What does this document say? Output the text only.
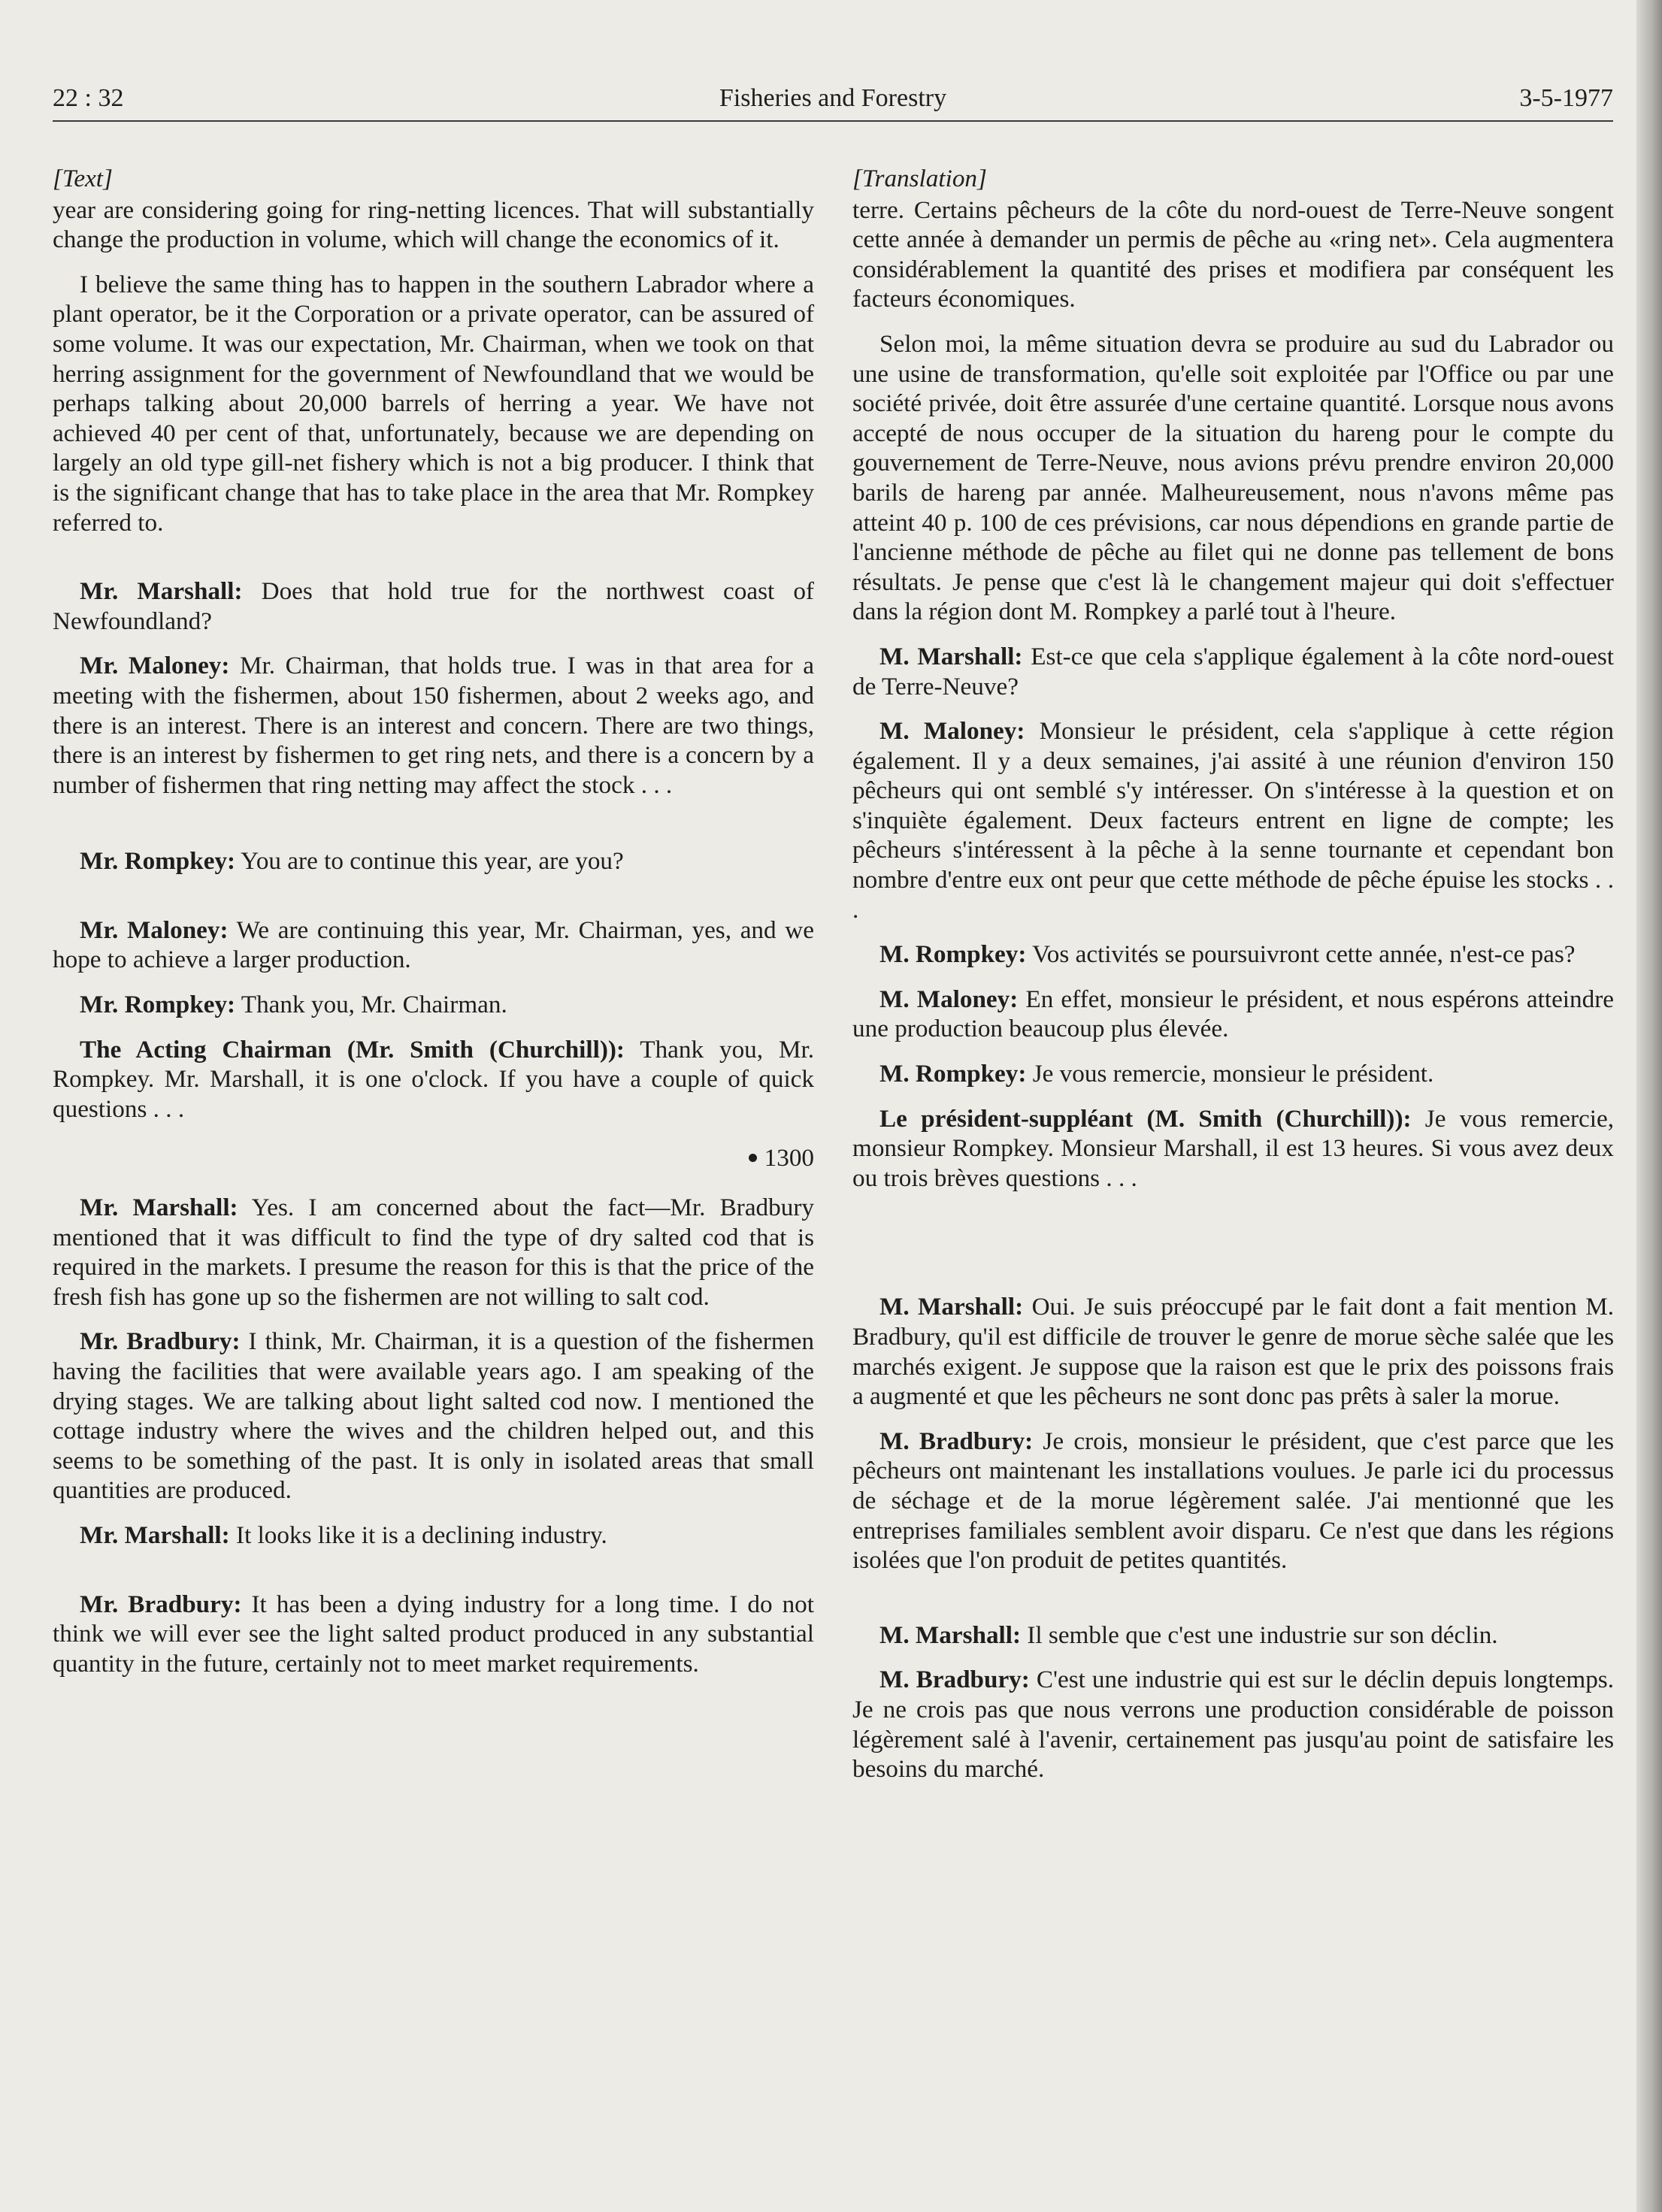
22 : 32	Fisheries and Forestry	3-5-1977
[Text]

year are considering going for ring-netting licences. That will substantially change the production in volume, which will change the economics of it.

I believe the same thing has to happen in the southern Labrador where a plant operator, be it the Corporation or a private operator, can be assured of some volume. It was our expectation, Mr. Chairman, when we took on that herring assignment for the government of Newfoundland that we would be perhaps talking about 20,000 barrels of herring a year. We have not achieved 40 per cent of that, unfortunately, because we are depending on largely an old type gill-net fishery which is not a big producer. I think that is the significant change that has to take place in the area that Mr. Rompkey referred to.

Mr. Marshall: Does that hold true for the northwest coast of Newfoundland?

Mr. Maloney: Mr. Chairman, that holds true. I was in that area for a meeting with the fishermen, about 150 fishermen, about 2 weeks ago, and there is an interest. There is an interest and concern. There are two things, there is an interest by fishermen to get ring nets, and there is a concern by a number of fishermen that ring netting may affect the stock . . .

Mr. Rompkey: You are to continue this year, are you?

Mr. Maloney: We are continuing this year, Mr. Chairman, yes, and we hope to achieve a larger production.

Mr. Rompkey: Thank you, Mr. Chairman.

The Acting Chairman (Mr. Smith (Churchill)): Thank you, Mr. Rompkey. Mr. Marshall, it is one o'clock. If you have a couple of quick questions . . .

1300

Mr. Marshall: Yes. I am concerned about the fact—Mr. Bradbury mentioned that it was difficult to find the type of dry salted cod that is required in the markets. I presume the reason for this is that the price of the fresh fish has gone up so the fishermen are not willing to salt cod.

Mr. Bradbury: I think, Mr. Chairman, it is a question of the fishermen having the facilities that were available years ago. I am speaking of the drying stages. We are talking about light salted cod now. I mentioned the cottage industry where the wives and the children helped out, and this seems to be something of the past. It is only in isolated areas that small quantities are produced.

Mr. Marshall: It looks like it is a declining industry.

Mr. Bradbury: It has been a dying industry for a long time. I do not think we will ever see the light salted product produced in any substantial quantity in the future, certainly not to meet market requirements.

[Translation]

terre. Certains pêcheurs de la côte du nord-ouest de Terre-Neuve songent cette année à demander un permis de pêche au «ring net». Cela augmentera considérablement la quantité des prises et modifiera par conséquent les facteurs économiques.

Selon moi, la même situation devra se produire au sud du Labrador ou une usine de transformation, qu'elle soit exploitée par l'Office ou par une société privée, doit être assurée d'une certaine quantité. Lorsque nous avons accepté de nous occuper de la situation du hareng pour le compte du gouvernement de Terre-Neuve, nous avions prévu prendre environ 20,000 barils de hareng par année. Malheureusement, nous n'avons même pas atteint 40 p. 100 de ces prévisions, car nous dépendions en grande partie de l'ancienne méthode de pêche au filet qui ne donne pas tellement de bons résultats. Je pense que c'est là le changement majeur qui doit s'effectuer dans la région dont M. Rompkey a parlé tout à l'heure.

M. Marshall: Est-ce que cela s'applique également à la côte nord-ouest de Terre-Neuve?

M. Maloney: Monsieur le président, cela s'applique à cette région également. Il y a deux semaines, j'ai assité à une réunion d'environ 150 pêcheurs qui ont semblé s'y intéresser. On s'intéresse à la question et on s'inquiète également. Deux facteurs entrent en ligne de compte; les pêcheurs s'intéressent à la pêche à la senne tournante et cependant bon nombre d'entre eux ont peur que cette méthode de pêche épuise les stocks . . .

M. Rompkey: Vos activités se poursuivront cette année, n'est-ce pas?

M. Maloney: En effet, monsieur le président, et nous espérons atteindre une production beaucoup plus élevée.

M. Rompkey: Je vous remercie, monsieur le président.

Le président-suppléant (M. Smith (Churchill)): Je vous remercie, monsieur Rompkey. Monsieur Marshall, il est 13 heures. Si vous avez deux ou trois brèves questions . . .

M. Marshall: Oui. Je suis préoccupé par le fait dont a fait mention M. Bradbury, qu'il est difficile de trouver le genre de morue sèche salée que les marchés exigent. Je suppose que la raison est que le prix des poissons frais a augmenté et que les pêcheurs ne sont donc pas prêts à saler la morue.

M. Bradbury: Je crois, monsieur le président, que c'est parce que les pêcheurs ont maintenant les installations voulues. Je parle ici du processus de séchage et de la morue légèrement salée. J'ai mentionné que les entreprises familiales semblent avoir disparu. Ce n'est que dans les régions isolées que l'on produit de petites quantités.

M. Marshall: Il semble que c'est une industrie sur son déclin.

M. Bradbury: C'est une industrie qui est sur le déclin depuis longtemps. Je ne crois pas que nous verrons une production considérable de poisson légèrement salé à l'avenir, certainement pas jusqu'au point de satisfaire les besoins du marché.
